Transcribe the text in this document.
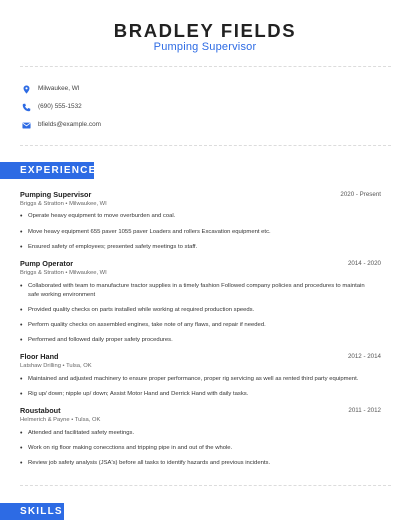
BRADLEY FIELDS
Pumping Supervisor
Milwaukee, WI
(690) 555-1532
bfields@example.com
EXPERIENCE
Pumping Supervisor	2020 - Present
Briggs & Stratton • Milwaukee, WI
• Operate heavy equipment to move overburden and coal.
• Move heavy equipment 655 paver 1055 paver Loaders and rollers Excavation equipment etc.
• Ensured safety of employees; presented safety meetings to staff.
Pump Operator	2014 - 2020
Briggs & Stratton • Milwaukee, WI
• Collaborated with team to manufacture tractor supplies in a timely fashion Followed company policies and procedures to maintain safe working environment
• Provided quality checks on parts installed while working at required production speeds.
• Perform quality checks on assembled engines, take note of any flaws, and repair if needed.
• Performed and followed daily proper safety procedures.
Floor Hand	2012 - 2014
Latshaw Drilling • Tulsa, OK
• Maintained and adjusted machinery to ensure proper performance, proper rig servicing as well as rented third party equipment.
• Rig up/ down; nipple up/ down; Assist Motor Hand and Derrick Hand with daily tasks.
Roustabout	2011 - 2012
Helmerich & Payne • Tulsa, OK
• Attended and facilitated safety meetings.
• Work on rig floor making conecctions and tripping pipe in and out of the whole.
• Review job safety analysis (JSA's) before all tasks to identify hazards and previous incidents.
SKILLS
